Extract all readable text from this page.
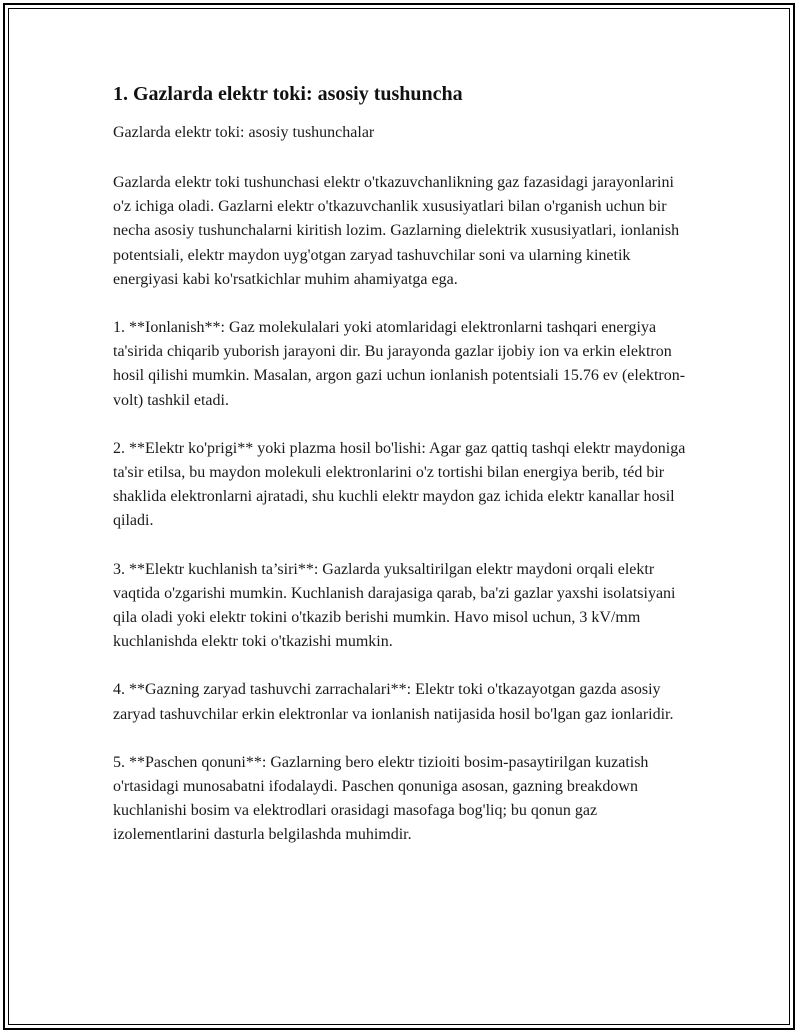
1. Gazlarda elektr toki: asosiy tushuncha

Gazlarda elektr toki: asosiy tushunchalar

Gazlarda elektr toki tushunchasi elektr o'tkazuvchanlikning gaz fazasidagi jarayonlarini o'z ichiga oladi. Gazlarni elektr o'tkazuvchanlik xususiyatlari bilan o'rganish uchun bir necha asosiy tushunchalarni kiritish lozim. Gazlarning dielektrik xususiyatlari, ionlanish potentsiali, elektr maydon uyg'otgan zaryad tashuvchilar soni va ularning kinetik energiyasi kabi ko'rsatkichlar muhim ahamiyatga ega.

1. **Ionlanish**: Gaz molekulalari yoki atomlaridagi elektronlarni tashqari energiya ta'sirida chiqarib yuborish jarayoni dir. Bu jarayonda gazlar ijobiy ion va erkin elektron hosil qilishi mumkin. Masalan, argon gazi uchun ionlanish potentsiali 15.76 ev (elektron-volt) tashkil etadi.

2. **Elektr ko'prigi** yoki plazma hosil bo'lishi: Agar gaz qattiq tashqi elektr maydoniga ta'sir etilsa, bu maydon molekuli elektronlarini o'z tortishi bilan energiya berib, téd bir shaklida elektronlarni ajratadi, shu kuchli elektr maydon gaz ichida elektr kanallar hosil qiladi.

3. **Elektr kuchlanish ta’siri**: Gazlarda yuksaltirilgan elektr maydoni orqali elektr vaqtida o'zgarishi mumkin. Kuchlanish darajasiga qarab, ba'zi gazlar yaxshi isolatsiyani qila oladi yoki elektr tokini o'tkazib berishi mumkin. Havo misol uchun, 3 kV/mm kuchlanishda elektr toki o'tkazishi mumkin.

4. **Gazning zaryad tashuvchi zarrachalari**: Elektr toki o'tkazayotgan gazda asosiy zaryad tashuvchilar erkin elektronlar va ionlanish natijasida hosil bo'lgan gaz ionlaridir.

5. **Paschen qonuni**: Gazlarning bero elektr tizioiti bosim-pasaytirilgan kuzatish o'rtasidagi munosabatni ifodalaydi. Paschen qonuniga asosan, gazning breakdown kuchlanishi bosim va elektrodlari orasidagi masofaga bog'liq; bu qonun gaz izolementlarini dasturla belgilashda muhimdir.
